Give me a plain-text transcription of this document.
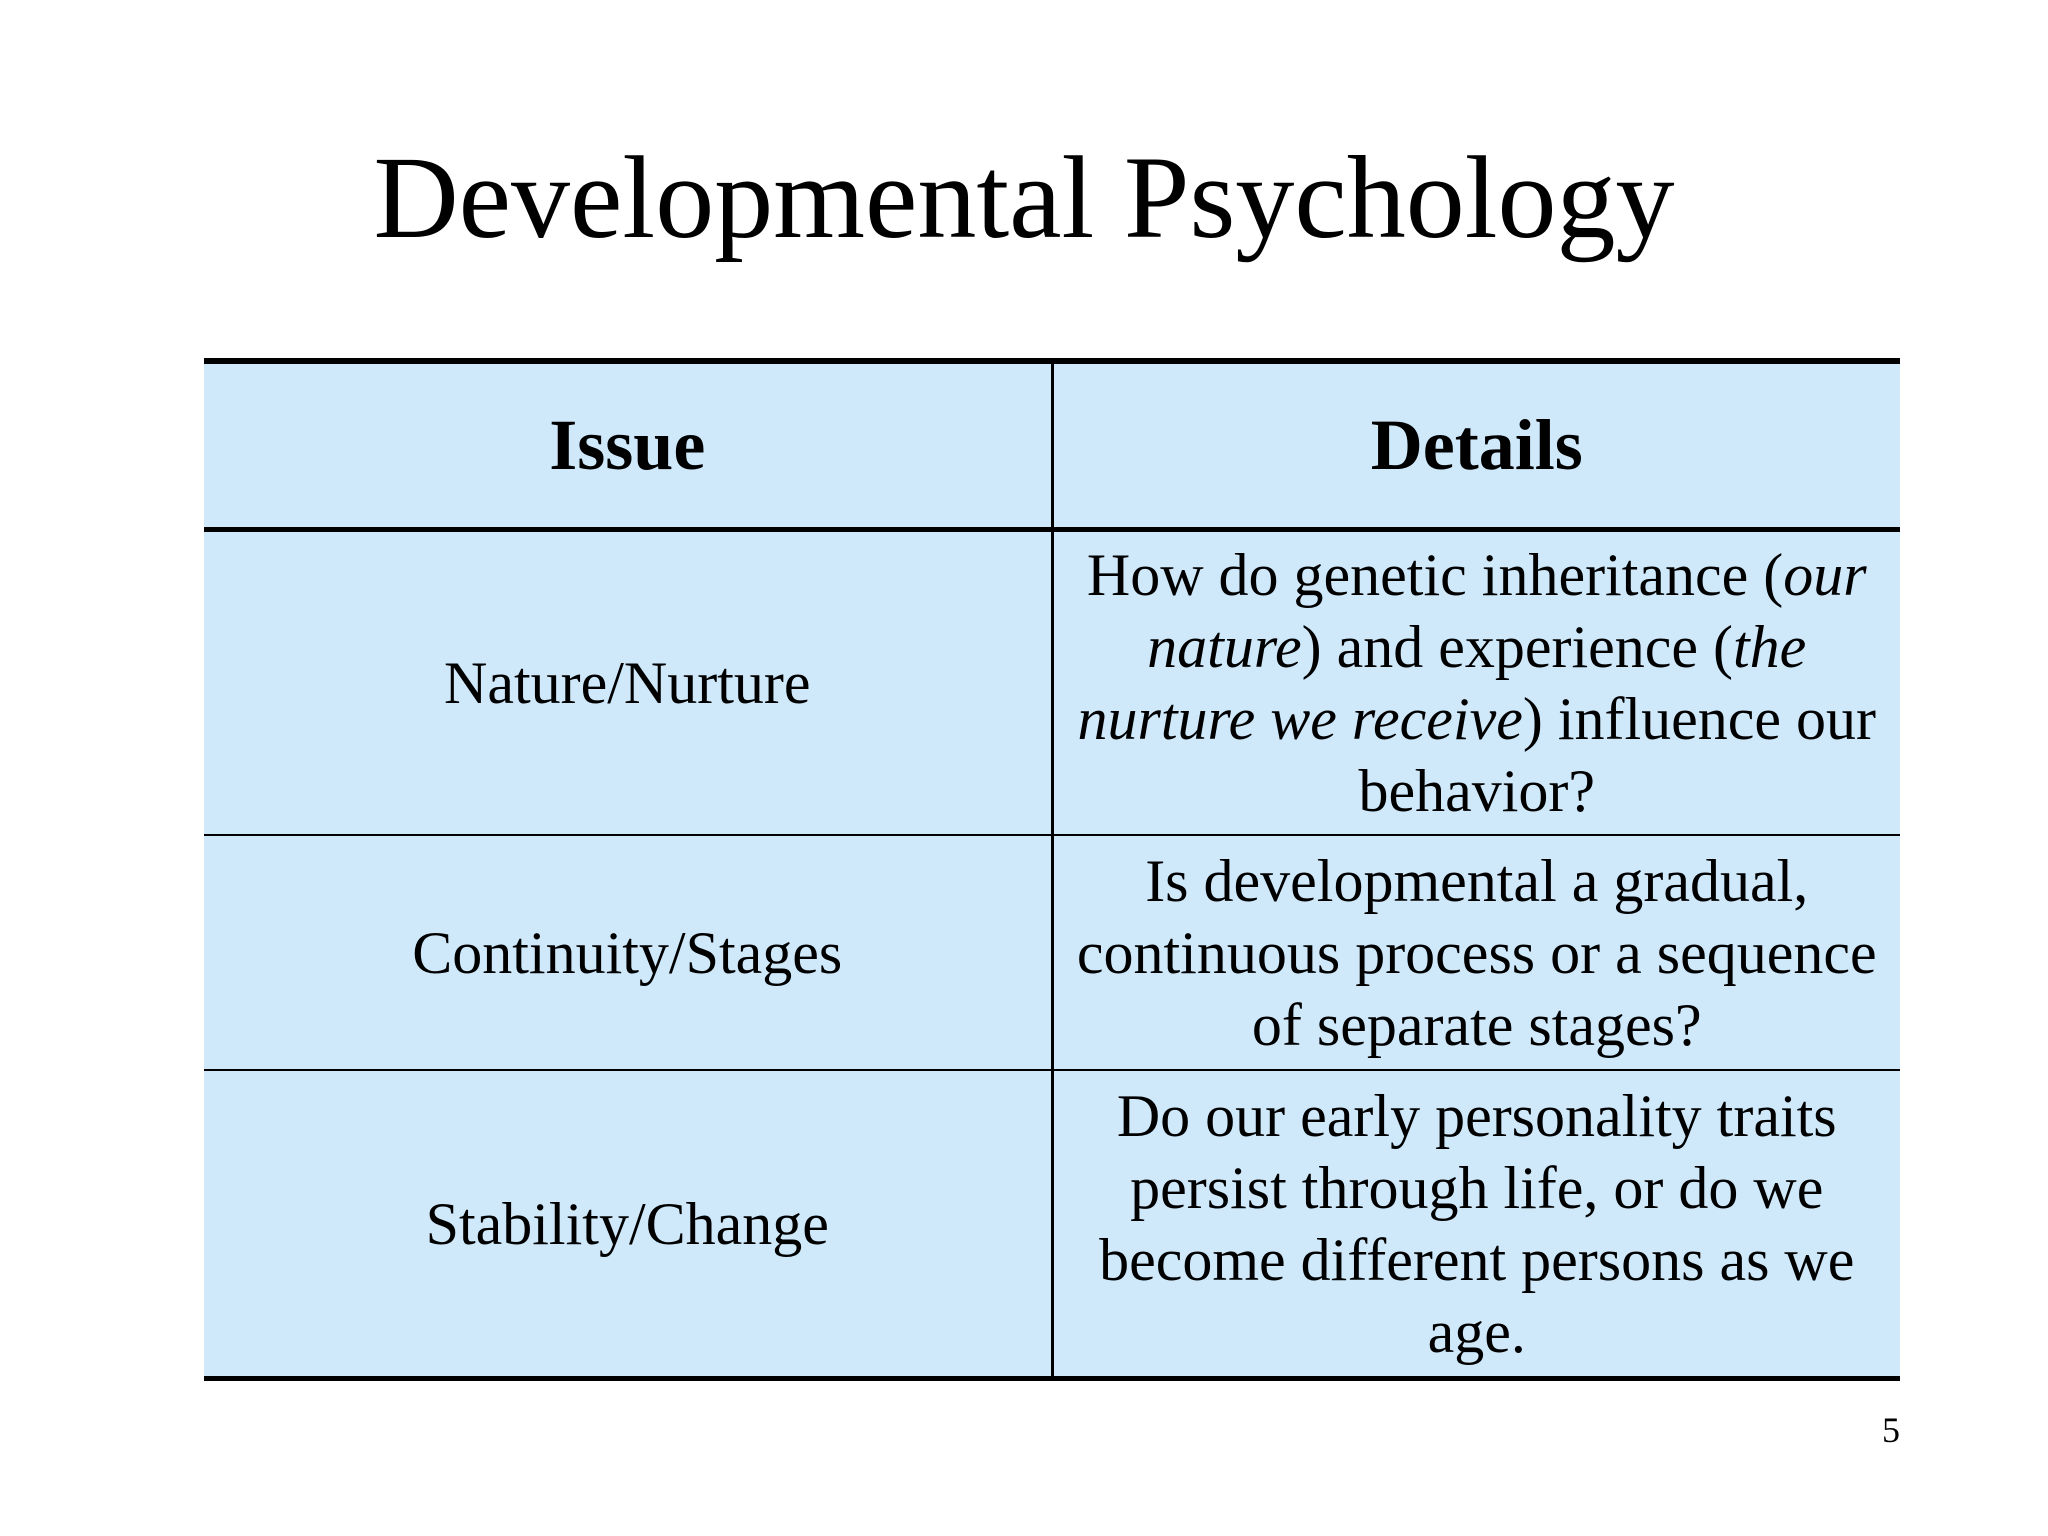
Developmental Psychology
Issue	Details
Nature/Nurture	How do genetic inheritance (our nature) and experience (the nurture we receive) influence our behavior?
Continuity/Stages	Is developmental a gradual, continuous process or a sequence of separate stages?
Stability/Change	Do our early personality traits persist through life, or do we become different persons as we age.
5
